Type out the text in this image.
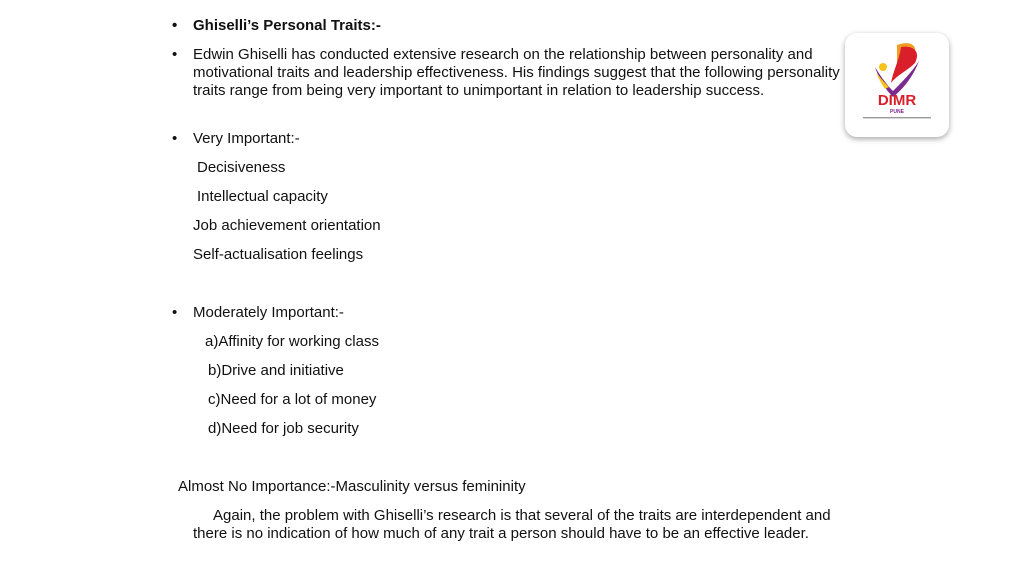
• Ghiselli’s Personal Traits:-
• Edwin Ghiselli has conducted extensive research on the relationship between personality and motivational traits and leadership effectiveness. His findings suggest that the following personality traits range from being very important to unimportant in relation to leadership success.
• Very Important:-
Decisiveness
Intellectual capacity
Job achievement orientation
Self-actualisation feelings
• Moderately Important:-
a)Affinity for working class
b)Drive and initiative
c)Need for a lot of money
d)Need for job security
Almost No Importance:-Masculinity versus femininity
Again, the problem with Ghiselli’s research is that several of the traits are interdependent and there is no indication of how much of any trait a person should have to be an effective leader.
DIMR
PUNE
